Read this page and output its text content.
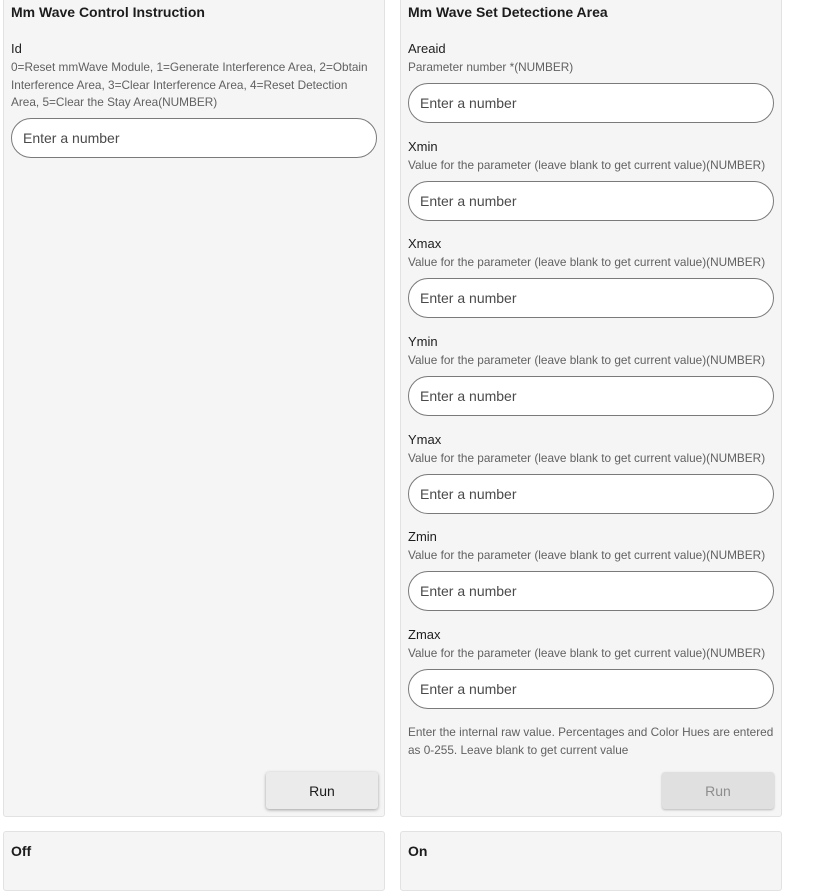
Mm Wave Control Instruction
Id
0=Reset mmWave Module, 1=Generate Interference Area, 2=Obtain Interference Area, 3=Clear Interference Area, 4=Reset Detection Area, 5=Clear the Stay Area(NUMBER)
Enter a number
Run
Mm Wave Set Detectione Area
Areaid
Parameter number *(NUMBER)
Enter a number
Xmin
Value for the parameter (leave blank to get current value)(NUMBER)
Enter a number
Xmax
Value for the parameter (leave blank to get current value)(NUMBER)
Enter a number
Ymin
Value for the parameter (leave blank to get current value)(NUMBER)
Enter a number
Ymax
Value for the parameter (leave blank to get current value)(NUMBER)
Enter a number
Zmin
Value for the parameter (leave blank to get current value)(NUMBER)
Enter a number
Zmax
Value for the parameter (leave blank to get current value)(NUMBER)
Enter a number
Enter the internal raw value. Percentages and Color Hues are entered as 0-255. Leave blank to get current value
Run
Off	On
